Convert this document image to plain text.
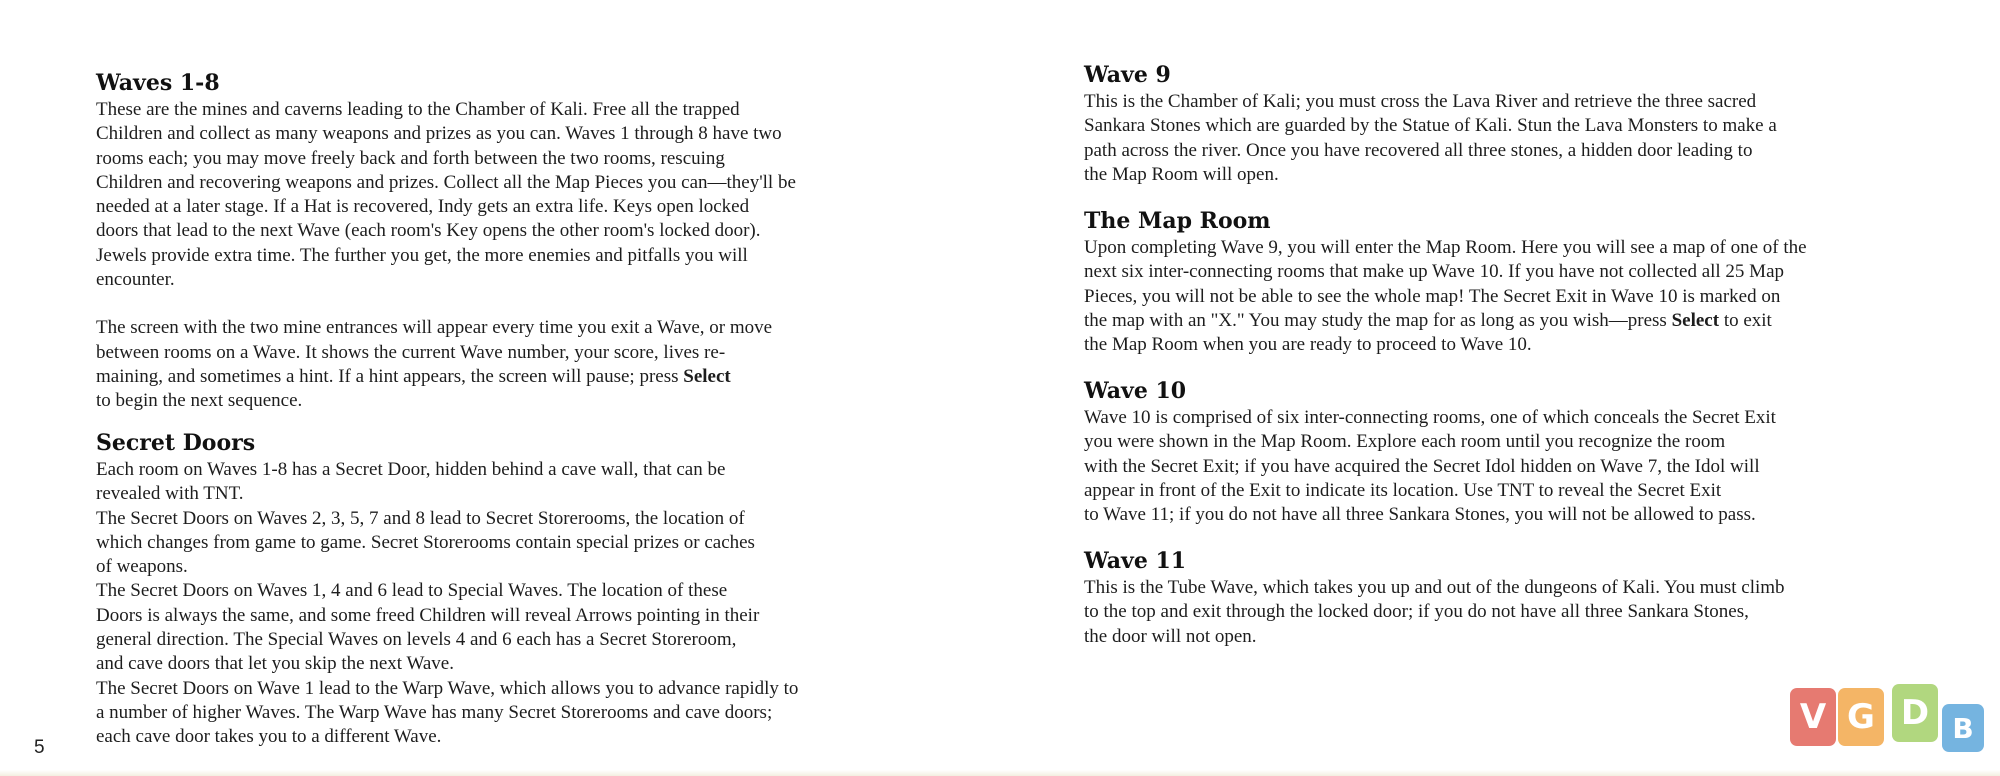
Waves 1-8

These are the mines and caverns leading to the Chamber of Kali. Free all the trapped
Children and collect as many weapons and prizes as you can. Waves 1 through 8 have two
rooms each; you may move freely back and forth between the two rooms, rescuing
Children and recovering weapons and prizes. Collect all the Map Pieces you can—they'll be
needed at a later stage. If a Hat is recovered, Indy gets an extra life. Keys open locked
doors that lead to the next Wave (each room's Key opens the other room's locked door).
Jewels provide extra time. The further you get, the more enemies and pitfalls you will
encounter.

The screen with the two mine entrances will appear every time you exit a Wave, or move
between rooms on a Wave. It shows the current Wave number, your score, lives re-
maining, and sometimes a hint. If a hint appears, the screen will pause; press Select
to begin the next sequence.

Secret Doors

Each room on Waves 1-8 has a Secret Door, hidden behind a cave wall, that can be
revealed with TNT.
The Secret Doors on Waves 2, 3, 5, 7 and 8 lead to Secret Storerooms, the location of
which changes from game to game. Secret Storerooms contain special prizes or caches
of weapons.
The Secret Doors on Waves 1, 4 and 6 lead to Special Waves. The location of these
Doors is always the same, and some freed Children will reveal Arrows pointing in their
general direction. The Special Waves on levels 4 and 6 each has a Secret Storeroom,
and cave doors that let you skip the next Wave.
The Secret Doors on Wave 1 lead to the Warp Wave, which allows you to advance rapidly to
a number of higher Waves. The Warp Wave has many Secret Storerooms and cave doors;
each cave door takes you to a different Wave.

5
Wave 9

This is the Chamber of Kali; you must cross the Lava River and retrieve the three sacred
Sankara Stones which are guarded by the Statue of Kali. Stun the Lava Monsters to make a
path across the river. Once you have recovered all three stones, a hidden door leading to
the Map Room will open.

The Map Room

Upon completing Wave 9, you will enter the Map Room. Here you will see a map of one of the
next six inter-connecting rooms that make up Wave 10. If you have not collected all 25 Map
Pieces, you will not be able to see the whole map! The Secret Exit in Wave 10 is marked on
the map with an "X." You may study the map for as long as you wish—press Select to exit
the Map Room when you are ready to proceed to Wave 10.

Wave 10

Wave 10 is comprised of six inter-connecting rooms, one of which conceals the Secret Exit
you were shown in the Map Room. Explore each room until you recognize the room
with the Secret Exit; if you have acquired the Secret Idol hidden on Wave 7, the Idol will
appear in front of the Exit to indicate its location. Use TNT to reveal the Secret Exit
to Wave 11; if you do not have all three Sankara Stones, you will not be allowed to pass.

Wave 11

This is the Tube Wave, which takes you up and out of the dungeons of Kali. You must climb
to the top and exit through the locked door; if you do not have all three Sankara Stones,
the door will not open.

V G D B
